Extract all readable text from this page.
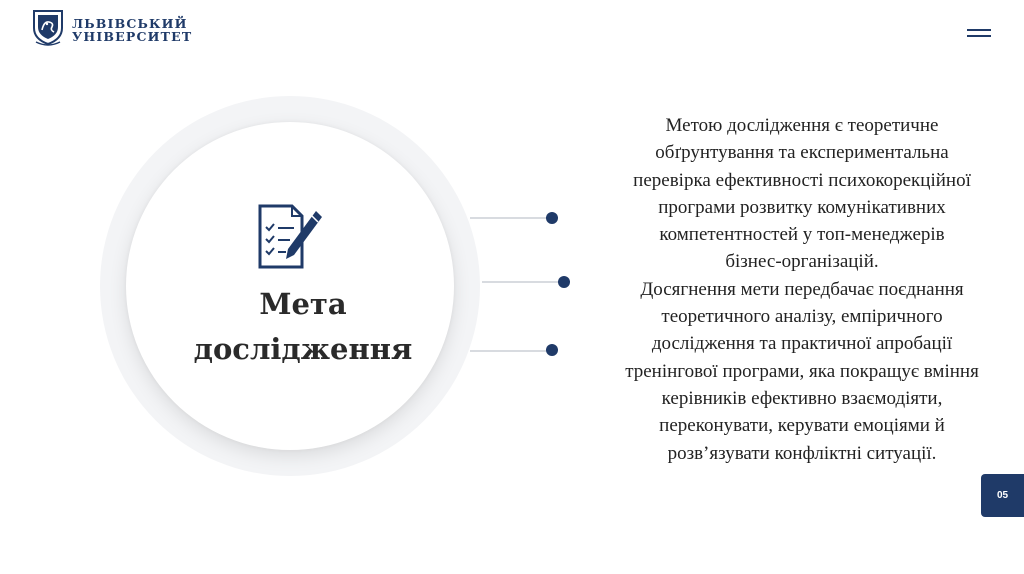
ЛЬВІВСЬКИЙ
УНІВЕРСИТЕТ
Мета
дослідження
Метою дослідження є теоретичне
обґрунтування та експериментальна
перевірка ефективності психокорекційної
програми розвитку комунікативних
компетентностей у топ-менеджерів
бізнес-організацій.
Досягнення мети передбачає поєднання
теоретичного аналізу, емпіричного
дослідження та практичної апробації
тренінгової програми, яка покращує вміння
керівників ефективно взаємодіяти,
переконувати, керувати емоціями й
розв’язувати конфліктні ситуації.
05
